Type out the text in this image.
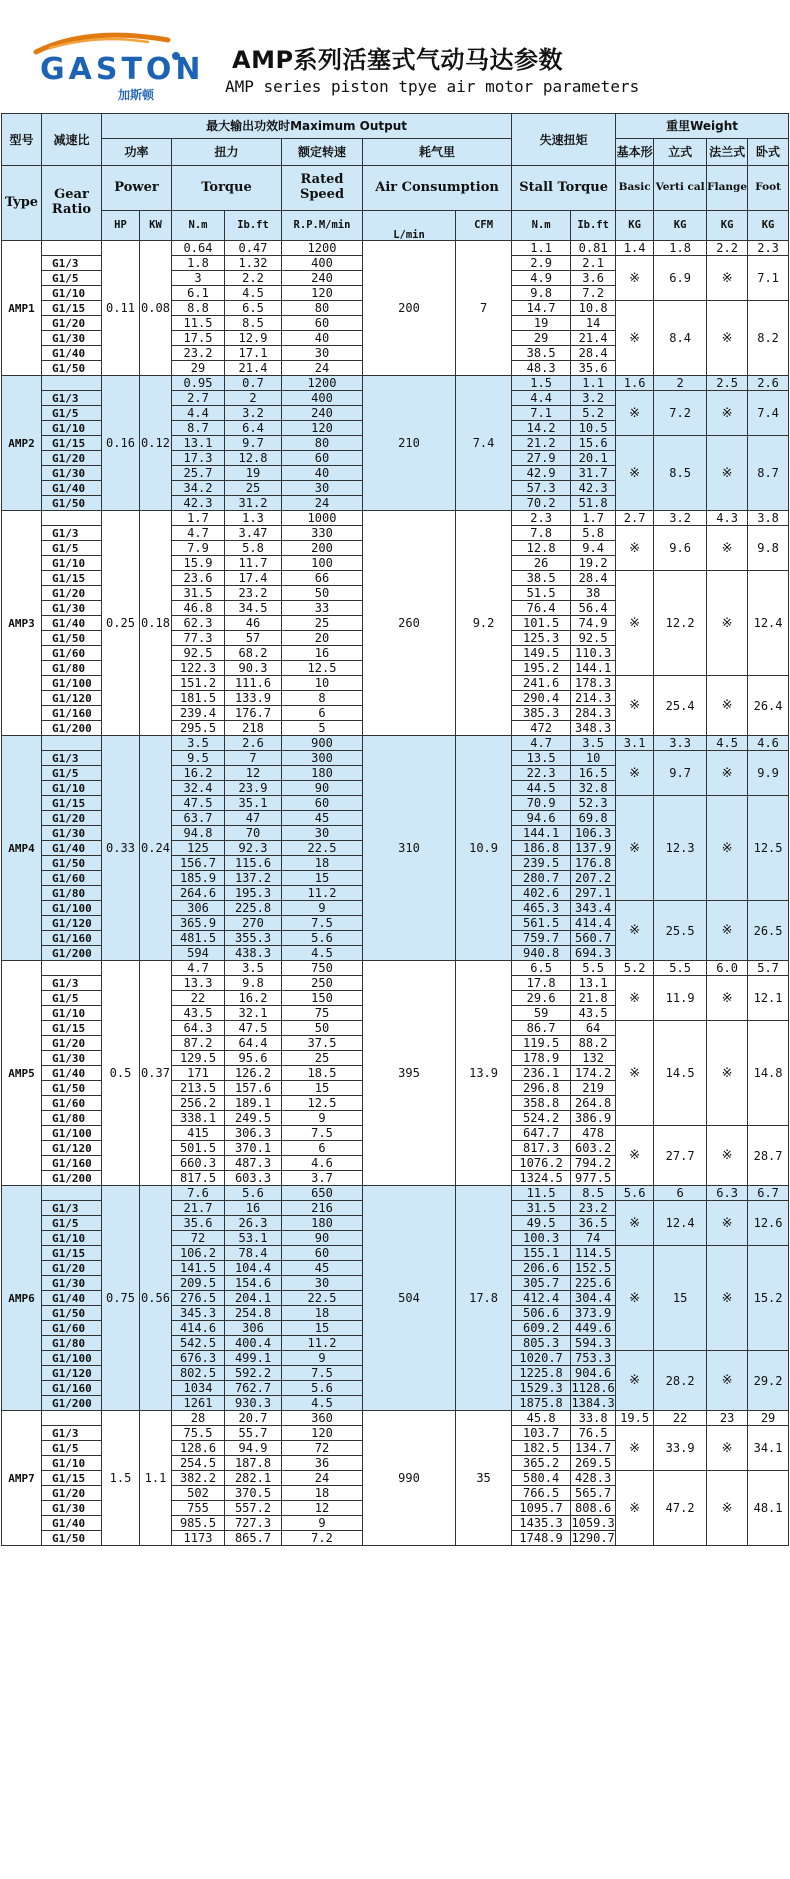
GASTON
加斯顿
AMP系列活塞式气动马达参数
AMP series piston tpye air motor parameters
型号	减速比	最大输出功效时Maximum Output							失速扭矩		重里Weight			
		功率		扭力		额定转速	耗气里				基本形	立式	法兰式	卧式
Type	Gear Ratio	Power		Torque		Rated Speed	Air Consumption		Stall Torque		Basic	Verti cal	Flange	Foot
		HP	KW	N.m	Ib.ft	R.P.M/min	L/min	CFM	N.m	Ib.ft	KG	KG	KG	KG
AMP1		0.11	0.08	0.64	0.47	1200	200	7	1.1	0.81	1.4	1.8	2.2	2.3
	G1/3			1.8	1.32	400			2.9	2.1	※	6.9	※	7.1
	G1/5			3	2.2	240			4.9	3.6				
	G1/10			6.1	4.5	120			9.8	7.2				
	G1/15			8.8	6.5	80			14.7	10.8	※	8.4	※	8.2
	G1/20			11.5	8.5	60			19	14				
	G1/30			17.5	12.9	40			29	21.4				
	G1/40			23.2	17.1	30			38.5	28.4				
	G1/50			29	21.4	24			48.3	35.6				
AMP2		0.16	0.12	0.95	0.7	1200	210	7.4	1.5	1.1	1.6	2	2.5	2.6
	G1/3			2.7	2	400			4.4	3.2	※	7.2	※	7.4
	G1/5			4.4	3.2	240			7.1	5.2				
	G1/10			8.7	6.4	120			14.2	10.5				
	G1/15			13.1	9.7	80			21.2	15.6	※	8.5	※	8.7
	G1/20			17.3	12.8	60			27.9	20.1				
	G1/30			25.7	19	40			42.9	31.7				
	G1/40			34.2	25	30			57.3	42.3				
	G1/50			42.3	31.2	24			70.2	51.8				
AMP3		0.25	0.18	1.7	1.3	1000	260	9.2	2.3	1.7	2.7	3.2	4.3	3.8
	G1/3			4.7	3.47	330			7.8	5.8	※	9.6	※	9.8
	G1/5			7.9	5.8	200			12.8	9.4				
	G1/10			15.9	11.7	100			26	19.2				
	G1/15			23.6	17.4	66			38.5	28.4	※	12.2	※	12.4
	G1/20			31.5	23.2	50			51.5	38				
	G1/30			46.8	34.5	33			76.4	56.4				
	G1/40			62.3	46	25			101.5	74.9				
	G1/50			77.3	57	20			125.3	92.5				
	G1/60			92.5	68.2	16			149.5	110.3				
	G1/80			122.3	90.3	12.5			195.2	144.1				
	G1/100			151.2	111.6	10			241.6	178.3	※	25.4	※	26.4
	G1/120			181.5	133.9	8			290.4	214.3				
	G1/160			239.4	176.7	6			385.3	284.3				
	G1/200			295.5	218	5			472	348.3				
AMP4		0.33	0.24	3.5	2.6	900	310	10.9	4.7	3.5	3.1	3.3	4.5	4.6
	G1/3			9.5	7	300			13.5	10	※	9.7	※	9.9
	G1/5			16.2	12	180			22.3	16.5				
	G1/10			32.4	23.9	90			44.5	32.8				
	G1/15			47.5	35.1	60			70.9	52.3	※	12.3	※	12.5
	G1/20			63.7	47	45			94.6	69.8				
	G1/30			94.8	70	30			144.1	106.3				
	G1/40			125	92.3	22.5			186.8	137.9				
	G1/50			156.7	115.6	18			239.5	176.8				
	G1/60			185.9	137.2	15			280.7	207.2				
	G1/80			264.6	195.3	11.2			402.6	297.1				
	G1/100			306	225.8	9			465.3	343.4	※	25.5	※	26.5
	G1/120			365.9	270	7.5			561.5	414.4				
	G1/160			481.5	355.3	5.6			759.7	560.7				
	G1/200			594	438.3	4.5			940.8	694.3				
AMP5		0.5	0.37	4.7	3.5	750	395	13.9	6.5	5.5	5.2	5.5	6.0	5.7
	G1/3			13.3	9.8	250			17.8	13.1	※	11.9	※	12.1
	G1/5			22	16.2	150			29.6	21.8				
	G1/10			43.5	32.1	75			59	43.5				
	G1/15			64.3	47.5	50			86.7	64	※	14.5	※	14.8
	G1/20			87.2	64.4	37.5			119.5	88.2				
	G1/30			129.5	95.6	25			178.9	132				
	G1/40			171	126.2	18.5			236.1	174.2				
	G1/50			213.5	157.6	15			296.8	219				
	G1/60			256.2	189.1	12.5			358.8	264.8				
	G1/80			338.1	249.5	9			524.2	386.9				
	G1/100			415	306.3	7.5			647.7	478	※	27.7	※	28.7
	G1/120			501.5	370.1	6			817.3	603.2				
	G1/160			660.3	487.3	4.6			1076.2	794.2				
	G1/200			817.5	603.3	3.7			1324.5	977.5				
AMP6		0.75	0.56	7.6	5.6	650	504	17.8	11.5	8.5	5.6	6	6.3	6.7
	G1/3			21.7	16	216			31.5	23.2	※	12.4	※	12.6
	G1/5			35.6	26.3	180			49.5	36.5				
	G1/10			72	53.1	90			100.3	74				
	G1/15			106.2	78.4	60			155.1	114.5	※	15	※	15.2
	G1/20			141.5	104.4	45			206.6	152.5				
	G1/30			209.5	154.6	30			305.7	225.6				
	G1/40			276.5	204.1	22.5			412.4	304.4				
	G1/50			345.3	254.8	18			506.6	373.9				
	G1/60			414.6	306	15			609.2	449.6				
	G1/80			542.5	400.4	11.2			805.3	594.3				
	G1/100			676.3	499.1	9			1020.7	753.3	※	28.2	※	29.2
	G1/120			802.5	592.2	7.5			1225.8	904.6				
	G1/160			1034	762.7	5.6			1529.3	1128.6				
	G1/200			1261	930.3	4.5			1875.8	1384.3				
AMP7		1.5	1.1	28	20.7	360	990	35	45.8	33.8	19.5	22	23	29
	G1/3			75.5	55.7	120			103.7	76.5	※	33.9	※	34.1
	G1/5			128.6	94.9	72			182.5	134.7				
	G1/10			254.5	187.8	36			365.2	269.5				
	G1/15			382.2	282.1	24			580.4	428.3	※	47.2	※	48.1
	G1/20			502	370.5	18			766.5	565.7				
	G1/30			755	557.2	12			1095.7	808.6				
	G1/40			985.5	727.3	9			1435.3	1059.3				
	G1/50			1173	865.7	7.2			1748.9	1290.7				
